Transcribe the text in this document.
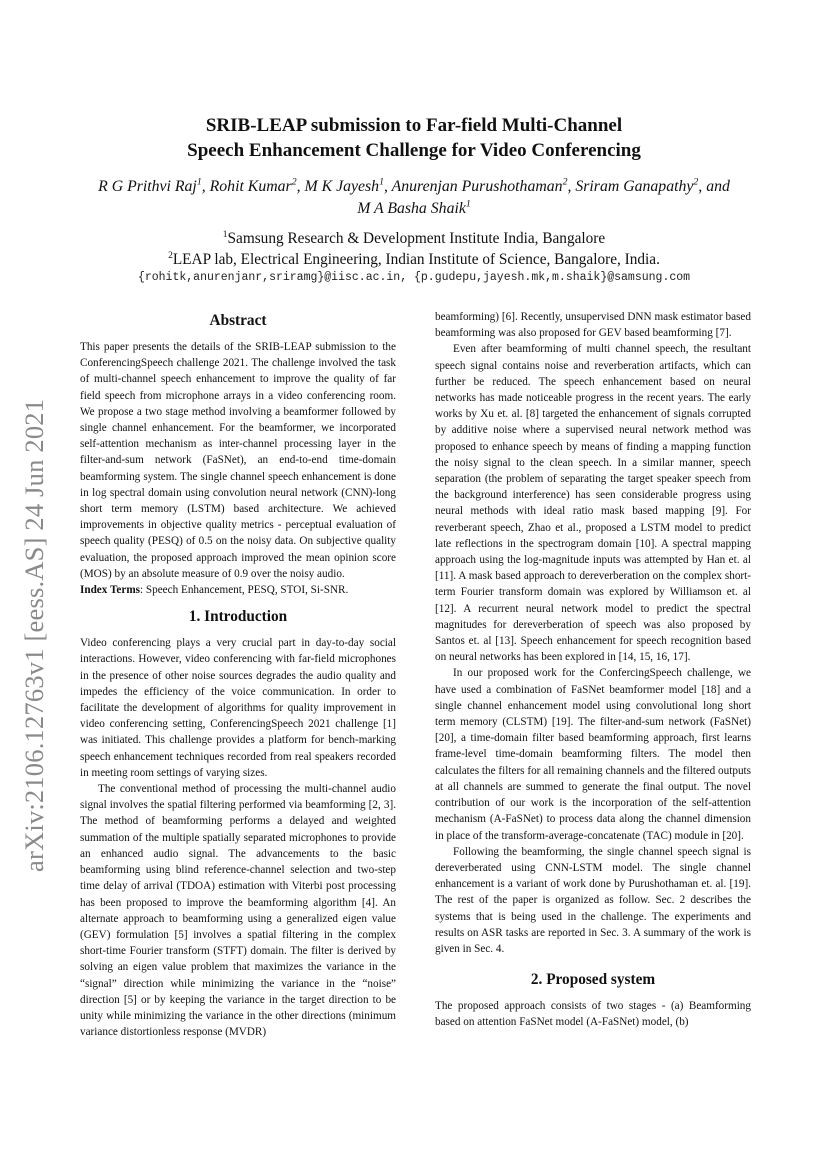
arXiv:2106.12763v1 [eess.AS] 24 Jun 2021
SRIB-LEAP submission to Far-field Multi-Channel
Speech Enhancement Challenge for Video Conferencing
R G Prithvi Raj$^1$, Rohit Kumar$^2$, M K Jayesh$^1$, Anurenjan Purushothaman$^2$, Sriram Ganapathy$^2$, and
M A Basha Shaik$^1$
$^1$Samsung Research & Development Institute India, Bangalore
$^2$LEAP lab, Electrical Engineering, Indian Institute of Science, Bangalore, India.
{rohitk,anurenjanr,sriramg}@iisc.ac.in, {p.gudepu,jayesh.mk,m.shaik}@samsung.com
Abstract

This paper presents the details of the SRIB-LEAP submission to the ConferencingSpeech challenge 2021. The challenge involved the task of multi-channel speech enhancement to improve the quality of far field speech from microphone arrays in a video conferencing room. We propose a two stage method involving a beamformer followed by single channel enhancement. For the beamformer, we incorporated self-attention mechanism as inter-channel processing layer in the filter-and-sum network (FaSNet), an end-to-end time-domain beamforming system. The single channel speech enhancement is done in log spectral domain using convolution neural network (CNN)-long short term memory (LSTM) based architecture. We achieved improvements in objective quality metrics - perceptual evaluation of speech quality (PESQ) of 0.5 on the noisy data. On subjective quality evaluation, the proposed approach improved the mean opinion score (MOS) by an absolute measure of 0.9 over the noisy audio.

Index Terms: Speech Enhancement, PESQ, STOI, Si-SNR.

1. Introduction

Video conferencing plays a very crucial part in day-to-day social interactions. However, video conferencing with far-field microphones in the presence of other noise sources degrades the audio quality and impedes the efficiency of the voice communication. In order to facilitate the development of algorithms for quality improvement in video conferencing setting, ConferencingSpeech 2021 challenge [1] was initiated. This challenge provides a platform for bench-marking speech enhancement techniques recorded from real speakers recorded in meeting room settings of varying sizes.

The conventional method of processing the multi-channel audio signal involves the spatial filtering performed via beamforming [2, 3]. The method of beamforming performs a delayed and weighted summation of the multiple spatially separated microphones to provide an enhanced audio signal. The advancements to the basic beamforming using blind reference-channel selection and two-step time delay of arrival (TDOA) estimation with Viterbi post processing has been proposed to improve the beamforming algorithm [4]. An alternate approach to beamforming using a generalized eigen value (GEV) formulation [5] involves a spatial filtering in the complex short-time Fourier transform (STFT) domain. The filter is derived by solving an eigen value problem that maximizes the variance in the “signal” direction while minimizing the variance in the “noise” direction [5] or by keeping the variance in the target direction to be unity while minimizing the variance in the other directions (minimum variance distortionless response (MVDR)

beamforming) [6]. Recently, unsupervised DNN mask estimator based beamforming was also proposed for GEV based beamforming [7].

Even after beamforming of multi channel speech, the resultant speech signal contains noise and reverberation artifacts, which can further be reduced. The speech enhancement based on neural networks has made noticeable progress in the recent years. The early works by Xu et. al. [8] targeted the enhancement of signals corrupted by additive noise where a supervised neural network method was proposed to enhance speech by means of finding a mapping function the noisy signal to the clean speech. In a similar manner, speech separation (the problem of separating the target speaker speech from the background interference) has seen considerable progress using neural methods with ideal ratio mask based mapping [9]. For reverberant speech, Zhao et al., proposed a LSTM model to predict late reflections in the spectrogram domain [10]. A spectral mapping approach using the log-magnitude inputs was attempted by Han et. al [11]. A mask based approach to dereverberation on the complex short-term Fourier transform domain was explored by Williamson et. al [12]. A recurrent neural network model to predict the spectral magnitudes for dereverberation of speech was also proposed by Santos et. al [13]. Speech enhancement for speech recognition based on neural networks has been explored in [14, 15, 16, 17].

In our proposed work for the ConfercingSpeech challenge, we have used a combination of FaSNet beamformer model [18] and a single channel enhancement model using convolutional long short term memory (CLSTM) [19]. The filter-and-sum network (FaSNet) [20], a time-domain filter based beamforming approach, first learns frame-level time-domain beamforming filters. The model then calculates the filters for all remaining channels and the filtered outputs at all channels are summed to generate the final output. The novel contribution of our work is the incorporation of the self-attention mechanism (A-FaSNet) to process data along the channel dimension in place of the transform-average-concatenate (TAC) module in [20].

Following the beamforming, the single channel speech signal is dereverberated using CNN-LSTM model. The single channel enhancement is a variant of work done by Purushothaman et. al. [19]. The rest of the paper is organized as follow. Sec. 2 describes the systems that is being used in the challenge. The experiments and results on ASR tasks are reported in Sec. 3. A summary of the work is given in Sec. 4.

2. Proposed system

The proposed approach consists of two stages - (a) Beamforming based on attention FaSNet model (A-FaSNet) model, (b)
